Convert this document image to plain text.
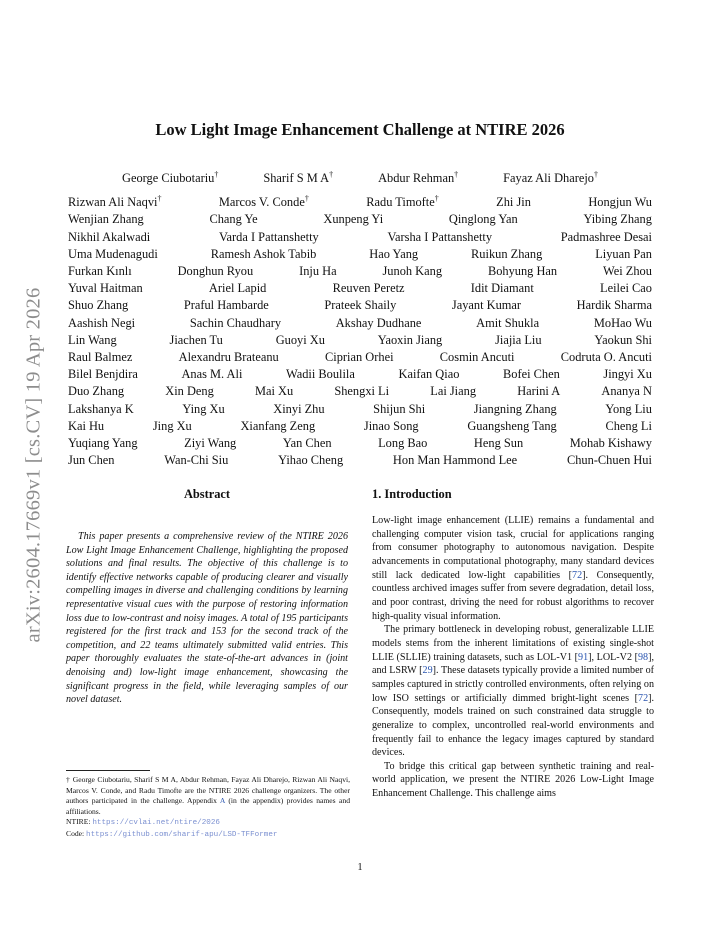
arXiv:2604.17669v1 [cs.CV] 19 Apr 2026
Low Light Image Enhancement Challenge at NTIRE 2026
George Ciubotariu†	Sharif S M A†	Abdur Rehman†	Fayaz Ali Dharejo†
Rizwan Ali Naqvi†	Marcos V. Conde†	Radu Timofte†	Zhi Jin	Hongjun Wu
Wenjian Zhang	Chang Ye	Xunpeng Yi	Qinglong Yan	Yibing Zhang
Nikhil Akalwadi	Varda I Pattanshetty	Varsha I Pattanshetty	Padmashree Desai
Uma Mudenagudi	Ramesh Ashok Tabib	Hao Yang	Ruikun Zhang	Liyuan Pan
Furkan Kınlı	Donghun Ryou	Inju Ha	Junoh Kang	Bohyung Han	Wei Zhou
Yuval Haitman	Ariel Lapid	Reuven Peretz	Idit Diamant	Leilei Cao
Shuo Zhang	Praful Hambarde	Prateek Shaily	Jayant Kumar	Hardik Sharma
Aashish Negi	Sachin Chaudhary	Akshay Dudhane	Amit Shukla	MoHao Wu
Lin Wang	Jiachen Tu	Guoyi Xu	Yaoxin Jiang	Jiajia Liu	Yaokun Shi
Raul Balmez	Alexandru Brateanu	Ciprian Orhei	Cosmin Ancuti	Codruta O. Ancuti
Bilel Benjdira	Anas M. Ali	Wadii Boulila	Kaifan Qiao	Bofei Chen	Jingyi Xu
Duo Zhang	Xin Deng	Mai Xu	Shengxi Li	Lai Jiang	Harini A	Ananya N
Lakshanya K	Ying Xu	Xinyi Zhu	Shijun Shi	Jiangning Zhang	Yong Liu
Kai Hu	Jing Xu	Xianfang Zeng	Jinao Song	Guangsheng Tang	Cheng Li
Yuqiang Yang	Ziyi Wang	Yan Chen	Long Bao	Heng Sun	Mohab Kishawy
Jun Chen	Wan-Chi Siu	Yihao Cheng	Hon Man Hammond Lee	Chun-Chuen Hui
Abstract

This paper presents a comprehensive review of the NTIRE 2026 Low Light Image Enhancement Challenge, highlighting the proposed solutions and final results. The objective of this challenge is to identify effective networks capable of producing clearer and visually compelling images in diverse and challenging conditions by learning representative visual cues with the purpose of restoring information loss due to low-contrast and noisy images. A total of 195 participants registered for the first track and 153 for the second track of the competition, and 22 teams ultimately submitted valid entries. This paper thoroughly evaluates the state-of-the-art advances in (joint denoising and) low-light image enhancement, showcasing the significant progress in the field, while leveraging samples of our novel dataset.

1. Introduction

Low-light image enhancement (LLIE) remains a fundamental and challenging computer vision task, crucial for applications ranging from consumer photography to autonomous navigation. Despite advancements in computational photography, many standard devices still lack dedicated low-light capabilities [72]. Consequently, countless archived images suffer from severe degradation, detail loss, and poor contrast, driving the need for robust algorithms to recover high-quality visual information.

The primary bottleneck in developing robust, generalizable LLIE models stems from the inherent limitations of existing single-shot LLIE (SLLIE) training datasets, such as LOL-V1 [91], LOL-V2 [98], and LSRW [29]. These datasets typically provide a limited number of samples captured in strictly controlled environments, often relying on low ISO settings or artificially dimmed bright-light scenes [72]. Consequently, models trained on such constrained data struggle to generalize to complex, uncontrolled real-world environments and frequently fail to enhance the legacy images captured by standard devices.

To bridge this critical gap between synthetic training and real-world application, we present the NTIRE 2026 Low-Light Image Enhancement Challenge. This challenge aims

† George Ciubotariu, Sharif S M A, Abdur Rehman, Fayaz Ali Dharejo, Rizwan Ali Naqvi, Marcos V. Conde, and Radu Timofte are the NTIRE 2026 challenge organizers. The other authors participated in the challenge. Appendix A (in the appendix) provides names and affiliations.
NTIRE: https://cvlai.net/ntire/2026
Code: https://github.com/sharif-apu/LSD-TFFormer
1
